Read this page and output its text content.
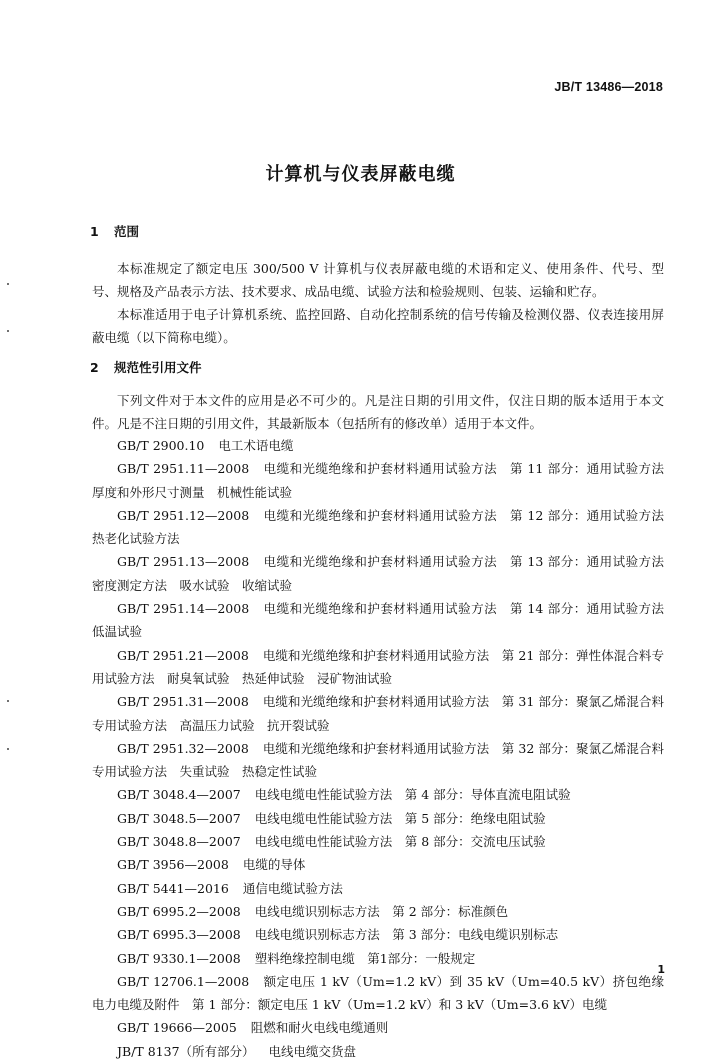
JB/T 13486—2018
计算机与仪表屏蔽电缆
1 范围

本标准规定了额定电压 300/500 V 计算机与仪表屏蔽电缆的术语和定义、使用条件、代号、型号、规格及产品表示方法、技术要求、成品电缆、试验方法和检验规则、包装、运输和贮存。

本标准适用于电子计算机系统、监控回路、自动化控制系统的信号传输及检测仪器、仪表连接用屏蔽电缆（以下简称电缆）。

2 规范性引用文件

下列文件对于本文件的应用是必不可少的。凡是注日期的引用文件，仅注日期的版本适用于本文件。凡是不注日期的引用文件，其最新版本（包括所有的修改单）适用于本文件。

GB/T 2900.10 电工术语电缆

GB/T 2951.11—2008 电缆和光缆绝缘和护套材料通用试验方法　第 11 部分：通用试验方法　厚度和外形尺寸测量　机械性能试验

GB/T 2951.12—2008 电缆和光缆绝缘和护套材料通用试验方法　第 12 部分：通用试验方法　热老化试验方法

GB/T 2951.13—2008 电缆和光缆绝缘和护套材料通用试验方法　第 13 部分：通用试验方法　密度测定方法　吸水试验　收缩试验

GB/T 2951.14—2008 电缆和光缆绝缘和护套材料通用试验方法　第 14 部分：通用试验方法　低温试验

GB/T 2951.21—2008 电缆和光缆绝缘和护套材料通用试验方法　第 21 部分：弹性体混合料专用试验方法　耐臭氧试验　热延伸试验　浸矿物油试验

GB/T 2951.31—2008 电缆和光缆绝缘和护套材料通用试验方法　第 31 部分：聚氯乙烯混合料专用试验方法　高温压力试验　抗开裂试验

GB/T 2951.32—2008 电缆和光缆绝缘和护套材料通用试验方法　第 32 部分：聚氯乙烯混合料专用试验方法　失重试验　热稳定性试验

GB/T 3048.4—2007 电线电缆电性能试验方法　第 4 部分：导体直流电阻试验

GB/T 3048.5—2007 电线电缆电性能试验方法　第 5 部分：绝缘电阻试验

GB/T 3048.8—2007 电线电缆电性能试验方法　第 8 部分：交流电压试验

GB/T 3956—2008 电缆的导体

GB/T 5441—2016 通信电缆试验方法

GB/T 6995.2—2008 电线电缆识别标志方法　第 2 部分：标准颜色

GB/T 6995.3—2008 电线电缆识别标志方法　第 3 部分：电线电缆识别标志

GB/T 9330.1—2008 塑料绝缘控制电缆　第1部分：一般规定

GB/T 12706.1—2008 额定电压 1 kV（Um=1.2 kV）到 35 kV（Um=40.5 kV）挤包绝缘电力电缆及附件　第 1 部分：额定电压 1 kV（Um=1.2 kV）和 3 kV（Um=3.6 kV）电缆

GB/T 19666—2005 阻燃和耐火电线电缆通则

JB/T 8137（所有部分） 电线电缆交货盘

1
